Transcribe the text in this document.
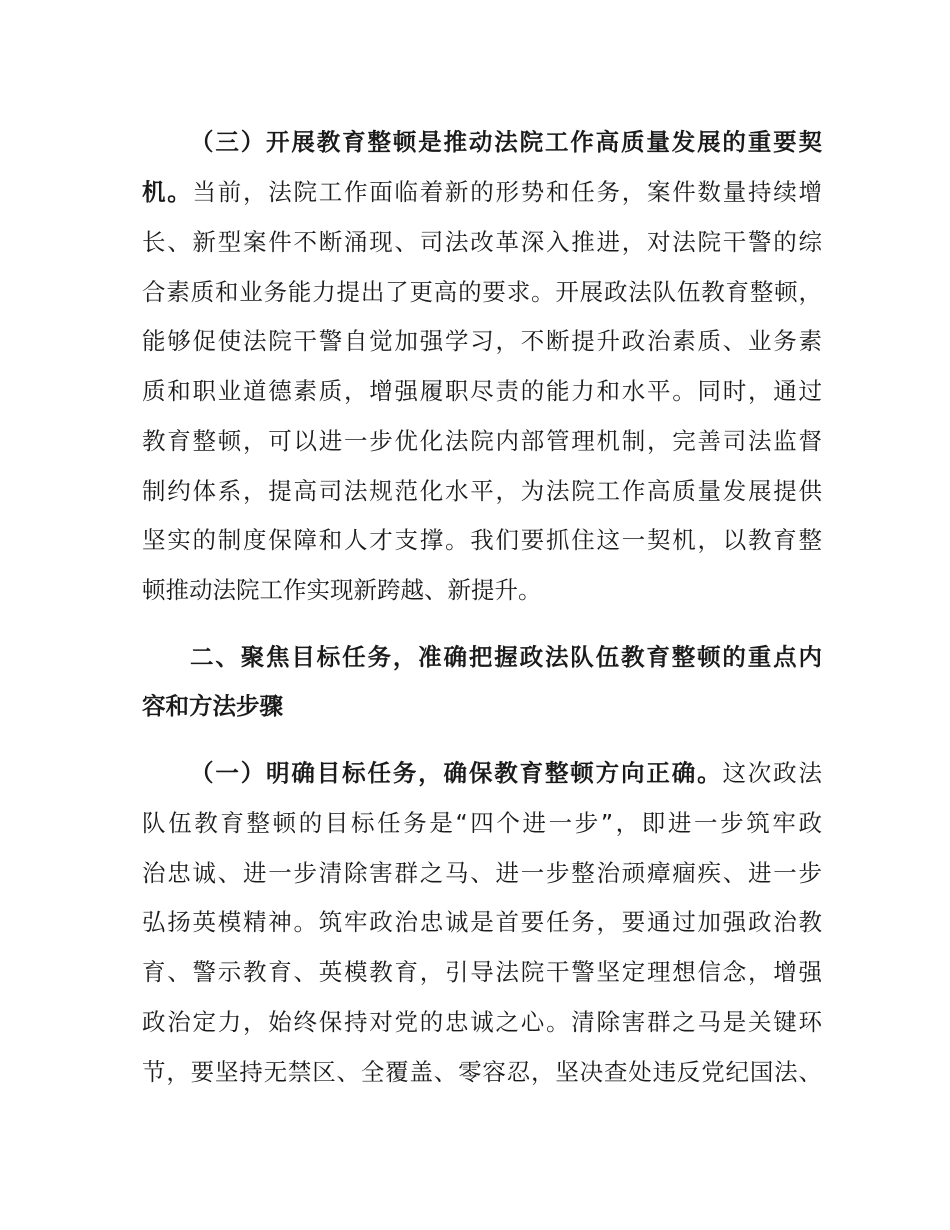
（三）开展教育整顿是推动法院工作高质量发展的重要契
机。当前，法院工作面临着新的形势和任务，案件数量持续增
长、新型案件不断涌现、司法改革深入推进，对法院干警的综
合素质和业务能力提出了更高的要求。开展政法队伍教育整顿，
能够促使法院干警自觉加强学习，不断提升政治素质、业务素
质和职业道德素质，增强履职尽责的能力和水平。同时，通过
教育整顿，可以进一步优化法院内部管理机制，完善司法监督
制约体系，提高司法规范化水平，为法院工作高质量发展提供
坚实的制度保障和人才支撑。我们要抓住这一契机，以教育整
顿推动法院工作实现新跨越、新提升。
二、聚焦目标任务，准确把握政法队伍教育整顿的重点内
容和方法步骤
（一）明确目标任务，确保教育整顿方向正确。这次政法
队伍教育整顿的目标任务是“四个进一步”，即进一步筑牢政
治忠诚、进一步清除害群之马、进一步整治顽瘴痼疾、进一步
弘扬英模精神。筑牢政治忠诚是首要任务，要通过加强政治教
育、警示教育、英模教育，引导法院干警坚定理想信念，增强
政治定力，始终保持对党的忠诚之心。清除害群之马是关键环
节，要坚持无禁区、全覆盖、零容忍，坚决查处违反党纪国法、
